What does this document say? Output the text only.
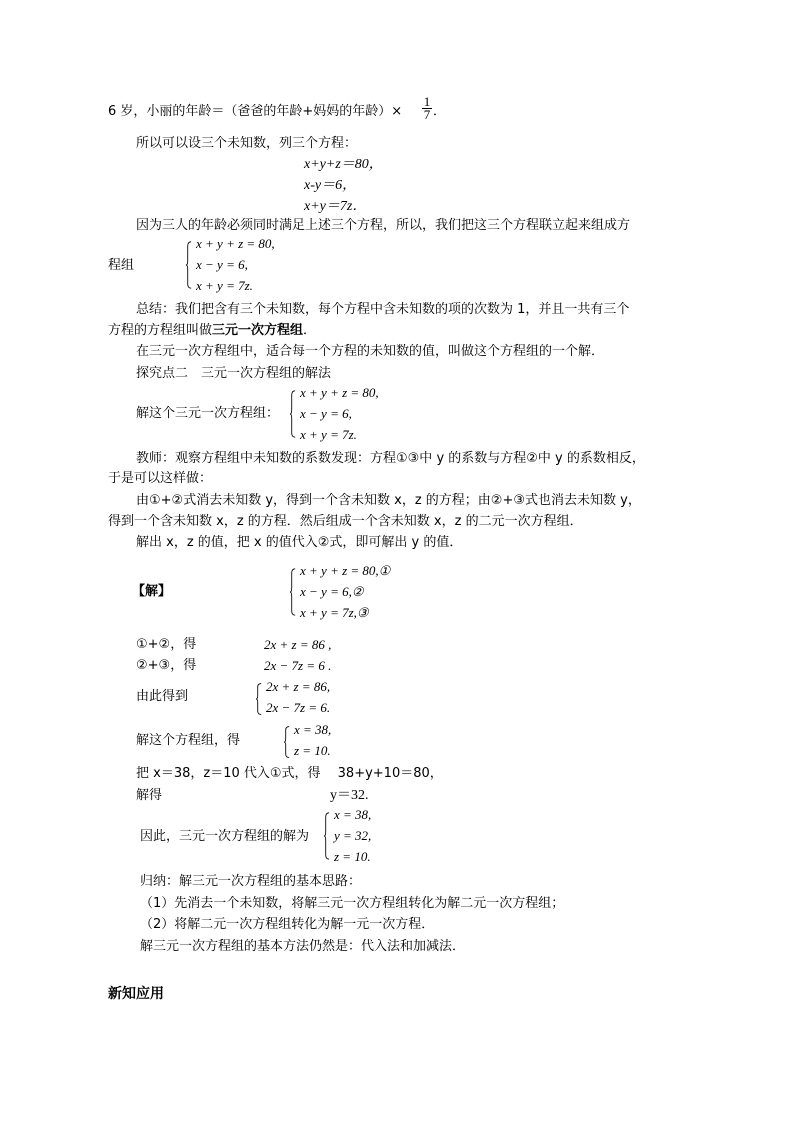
6 岁，小丽的年龄＝（爸爸的年龄+妈妈的年龄）×
1
7 ．
所以可以设三个未知数，列三个方程：
x+y+z＝80，
x-y＝6，
x+y＝7z．
因为三人的年龄必须同时满足上述三个方程，所以，我们把这三个方程联立起来组成方
程组
x + y + z = 80,
x − y = 6,
x + y = 7z.
总结：我们把含有三个未知数，每个方程中含未知数的项的次数为 1，并且一共有三个
方程的方程组叫做三元一次方程组．
在三元一次方程组中，适合每一个方程的未知数的值，叫做这个方程组的一个解．
探究点二　三元一次方程组的解法
解这个三元一次方程组：
x + y + z = 80,
x − y = 6,
x + y = 7z.
教师：观察方程组中未知数的系数发现：方程①③中 y 的系数与方程②中 y 的系数相反，
于是可以这样做：
由①+②式消去未知数 y，得到一个含未知数 x，z 的方程；由②+③式也消去未知数 y，
得到一个含未知数 x，z 的方程．然后组成一个含未知数 x，z 的二元一次方程组．
解出 x，z 的值，把 x 的值代入②式，即可解出 y 的值．
【解】
x + y + z = 80,①
x − y = 6,②
x + y = 7z,③
①+②，得	2x + z = 86 ,
②+③，得	2x − 7z = 6 .
由此得到
2x + z = 86,
2x − 7z = 6.
解这个方程组，得
x = 38,
z = 10.
把 x＝38，z＝10 代入①式，得　 38+y+10＝80，
解得	y＝32.
因此，三元一次方程组的解为
x = 38,
y = 32,
z = 10.
归纳：解三元一次方程组的基本思路：
（1）先消去一个未知数，将解三元一次方程组转化为解二元一次方程组；
（2）将解二元一次方程组转化为解一元一次方程．
解三元一次方程组的基本方法仍然是：代入法和加减法．
新知应用
